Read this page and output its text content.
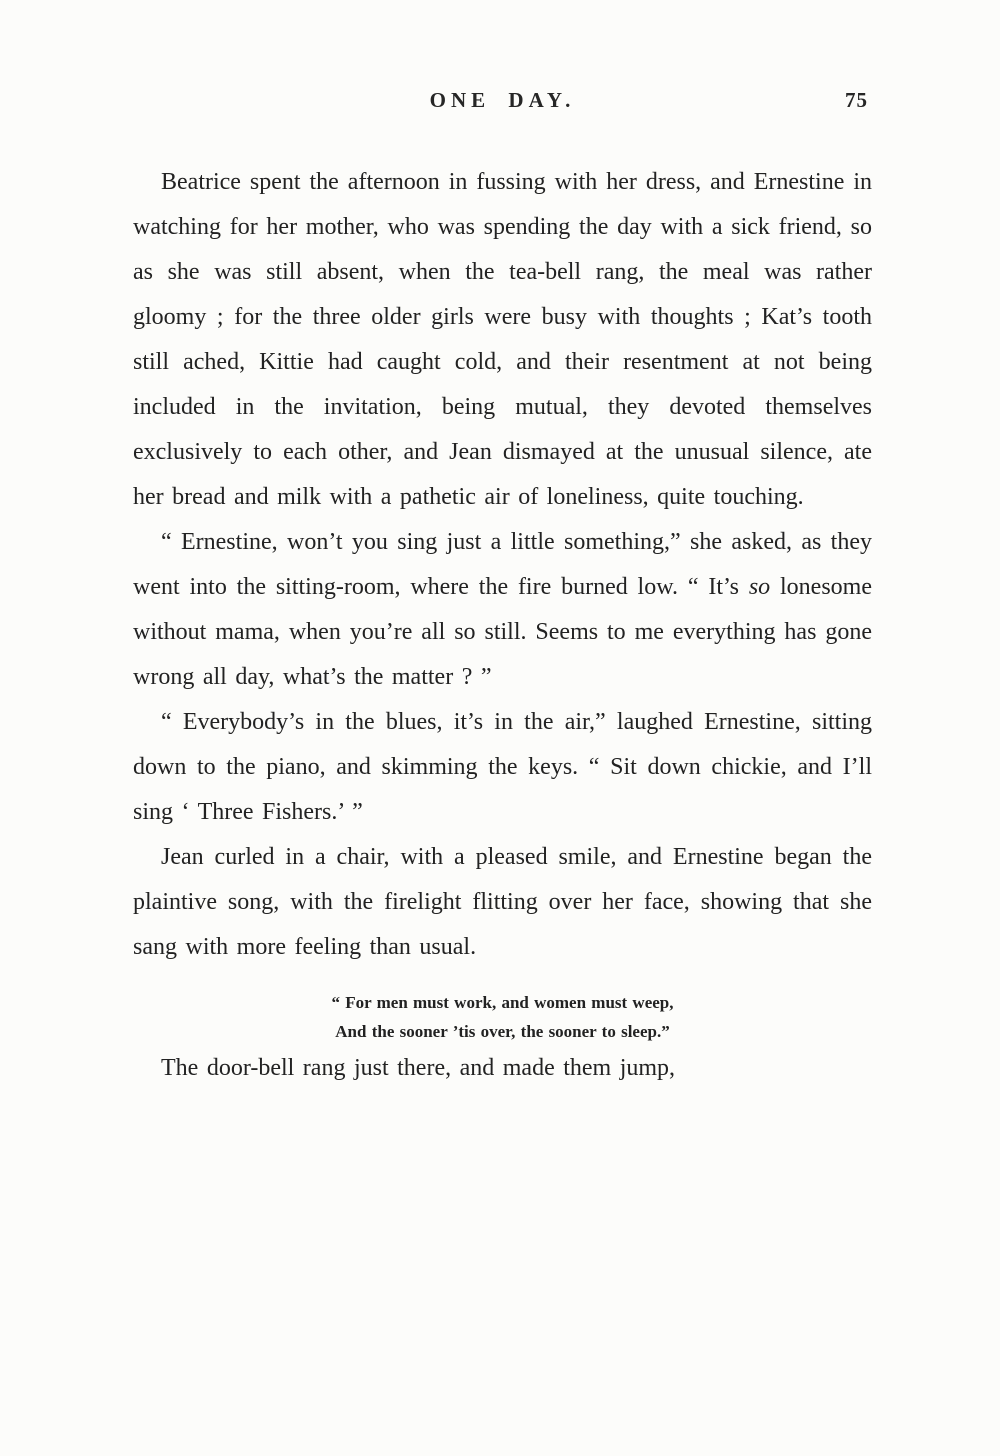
ONE DAY.	75

Beatrice spent the afternoon in fussing with her dress, and Ernestine in watching for her mother, who was spending the day with a sick friend, so as she was still absent, when the tea-bell rang, the meal was rather gloomy ; for the three older girls were busy with thoughts ; Kat’s tooth still ached, Kittie had caught cold, and their resentment at not being included in the invitation, being mutual, they devoted themselves exclusively to each other, and Jean dismayed at the unusual silence, ate her bread and milk with a pathetic air of loneliness, quite touching.

“ Ernestine, won’t you sing just a little something,” she asked, as they went into the sitting-room, where the fire burned low. “ It’s so lonesome without mama, when you’re all so still. Seems to me everything has gone wrong all day, what’s the matter ? ”

“ Everybody’s in the blues, it’s in the air,” laughed Ernestine, sitting down to the piano, and skimming the keys. “ Sit down chickie, and I’ll sing ‘ Three Fishers.’ ”

Jean curled in a chair, with a pleased smile, and Ernestine began the plaintive song, with the firelight flitting over her face, showing that she sang with more feeling than usual.

“ For men must work, and women must weep,
And the sooner ’tis over, the sooner to sleep.”

The door-bell rang just there, and made them jump,
